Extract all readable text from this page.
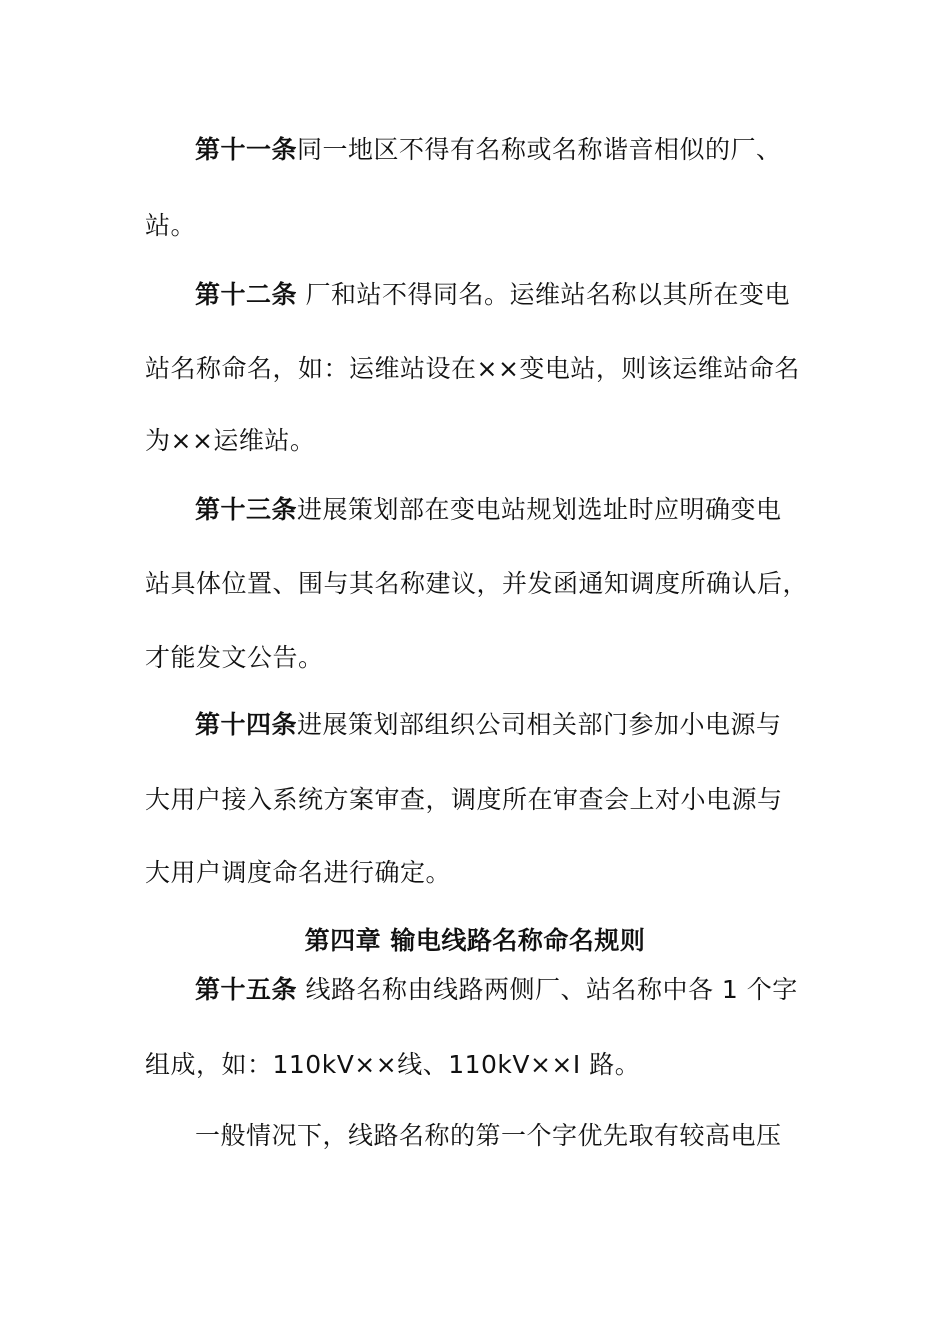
第十一条同一地区不得有名称或名称谐音相似的厂、
站。
第十二条 厂和站不得同名。运维站名称以其所在变电
站名称命名，如：运维站设在××变电站，则该运维站命名
为××运维站。
第十三条进展策划部在变电站规划选址时应明确变电
站具体位置、围与其名称建议，并发函通知调度所确认后，
才能发文公告。
第十四条进展策划部组织公司相关部门参加小电源与
大用户接入系统方案审查，调度所在审查会上对小电源与
大用户调度命名进行确定。
第四章 输电线路名称命名规则
第十五条 线路名称由线路两侧厂、站名称中各 1 个字
组成，如：110kV××线、110kV××I 路。
一般情况下，线路名称的第一个字优先取有较高电压
